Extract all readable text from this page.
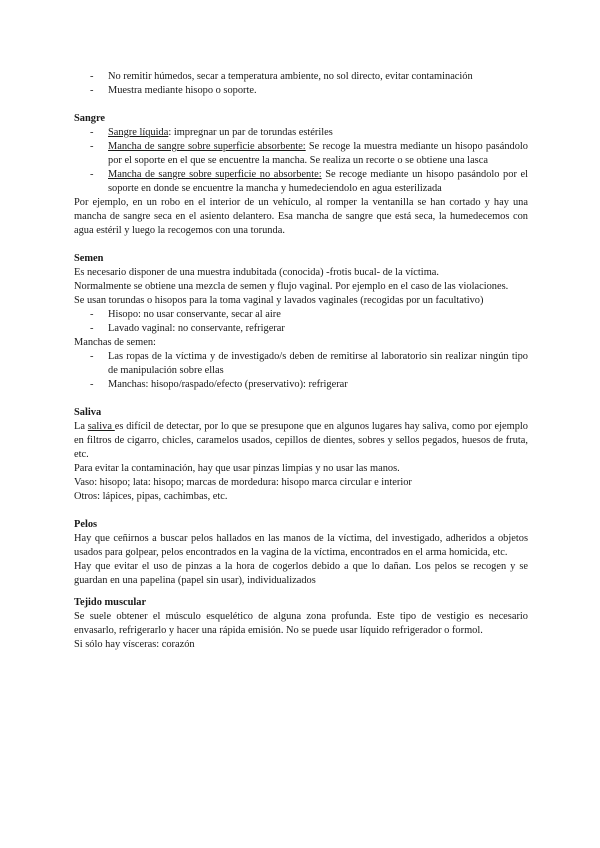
- No remitir húmedos, secar a temperatura ambiente, no sol directo, evitar contaminación
- Muestra mediante hisopo o soporte.

Sangre

- Sangre líquida: impregnar un par de torundas estériles
- Mancha de sangre sobre superficie absorbente: Se recoge la muestra mediante un hisopo pasándolo por el soporte en el que se encuentre la mancha. Se realiza un recorte o se obtiene una lasca
- Mancha de sangre sobre superficie no absorbente: Se recoge mediante un hisopo pasándolo por el soporte en donde se encuentre la mancha y humedeciendolo en agua esterilizada

Por ejemplo, en un robo en el interior de un vehículo, al romper la ventanilla se han cortado y hay una mancha de sangre seca en el asiento delantero. Esa mancha de sangre que está seca, la humedecemos con agua estéril y luego la recogemos con una torunda.

Semen

Es necesario disponer de una muestra indubitada (conocida) -frotis bucal- de la víctima.

Normalmente se obtiene una mezcla de semen y flujo vaginal. Por ejemplo en el caso de las violaciones.

Se usan torundas o hisopos para la toma vaginal y lavados vaginales (recogidas por un facultativo)

- Hisopo: no usar conservante, secar al aire
- Lavado vaginal: no conservante, refrigerar

Manchas de semen:

- Las ropas de la víctima y de investigado/s deben de remitirse al laboratorio sin realizar ningún tipo de manipulación sobre ellas
- Manchas: hisopo/raspado/efecto (preservativo): refrigerar

Saliva

La saliva es difícil de detectar, por lo que se presupone que en algunos lugares hay saliva, como por ejemplo en filtros de cigarro, chicles, caramelos usados, cepillos de dientes, sobres y sellos pegados, huesos de fruta, etc.

Para evitar la contaminación, hay que usar pinzas limpias y no usar las manos.

Vaso: hisopo; lata: hisopo; marcas de mordedura: hisopo marca circular e interior

Otros: lápices, pipas, cachimbas, etc.

Pelos

Hay que ceñirnos a buscar pelos hallados en las manos de la víctima, del investigado, adheridos a objetos usados para golpear, pelos encontrados en la vagina de la víctima, encontrados en el arma homicida, etc.

Hay que evitar el uso de pinzas a la hora de cogerlos debido a que lo dañan. Los pelos se recogen y se guardan en una papelina (papel sin usar), individualizados

Tejido muscular

Se suele obtener el músculo esquelético de alguna zona profunda. Este tipo de vestigio es necesario envasarlo, refrigerarlo y hacer una rápida emisión. No se puede usar líquido refrigerador o formol.

Si sólo hay vísceras: corazón
